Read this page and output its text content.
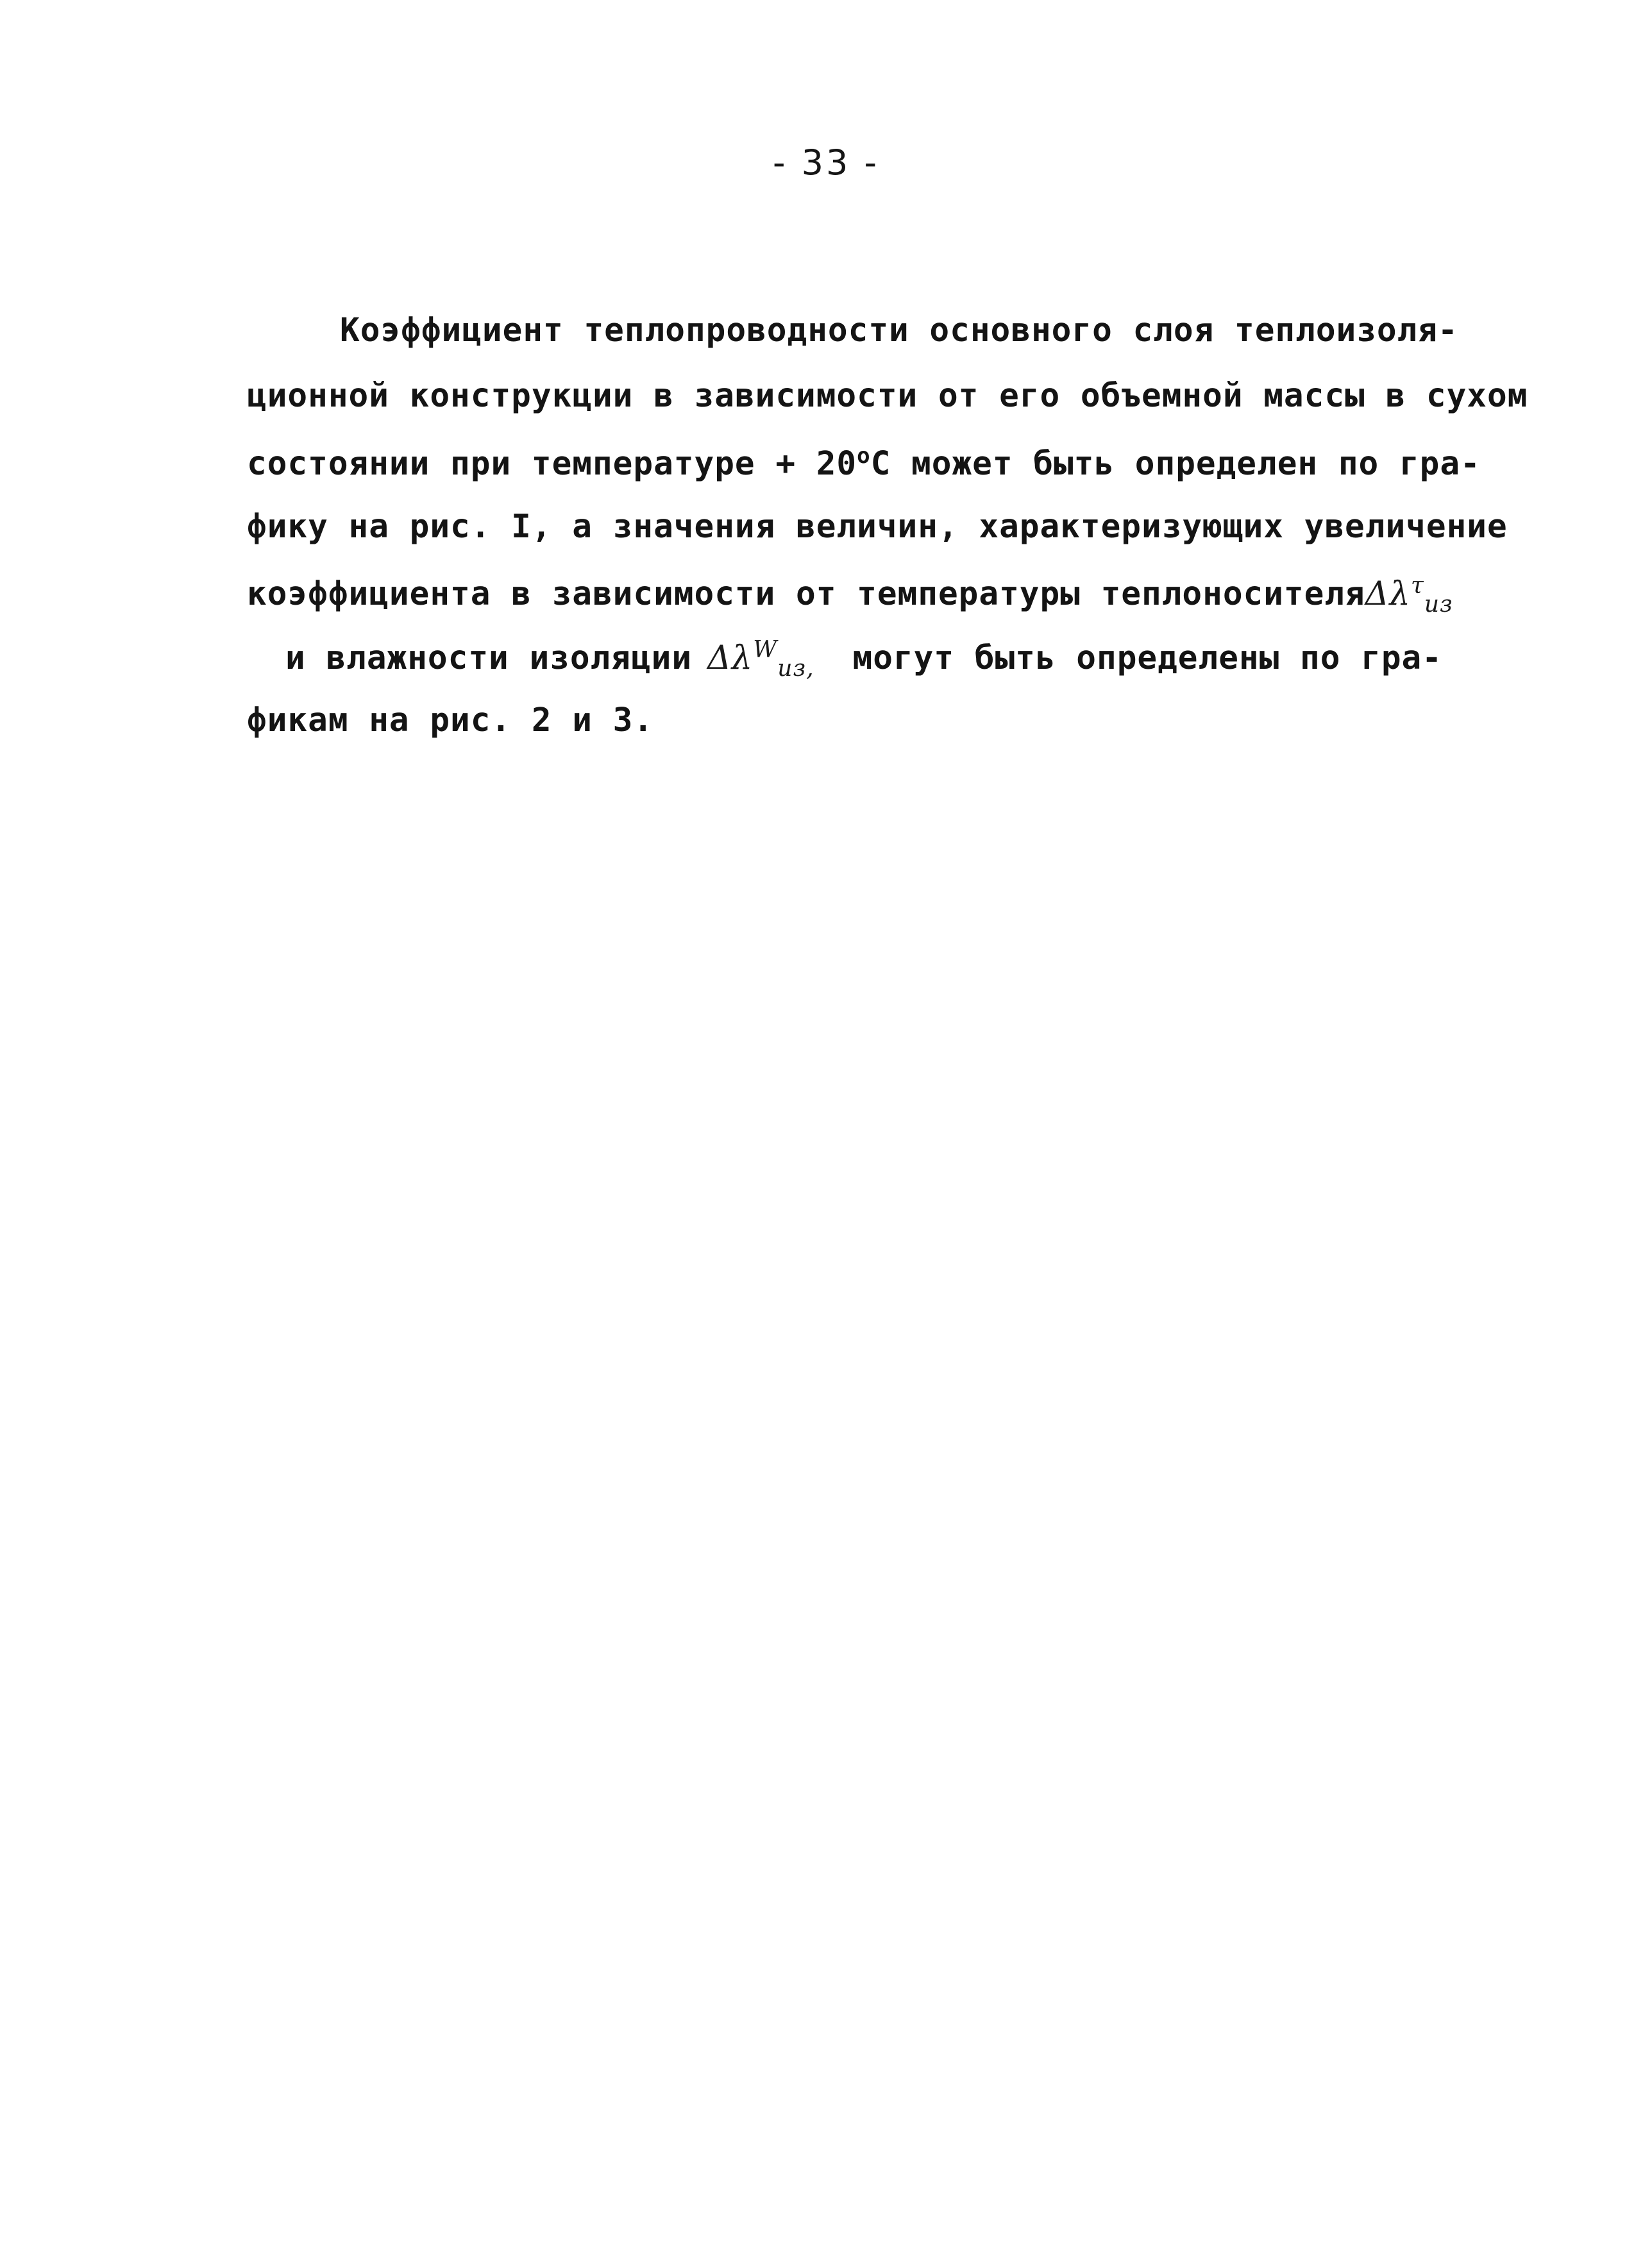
- 33 -
Коэффициент теплопроводности основного слоя теплоизоля-
ционной конструкции в зависимости от его объемной массы в сухом
состоянии при температуре + $20^оС$ может быть определен по гра-
фику на рис. I, а значения величин, характеризующих увеличение
коэффициента в зависимости от температуры теплоносителяΔλ$^\tau_{из}$
и влажности изоляции $\Delta\lambda^W_{из,}$ могут быть определены по гра-
фикам на рис. 2 и 3.
